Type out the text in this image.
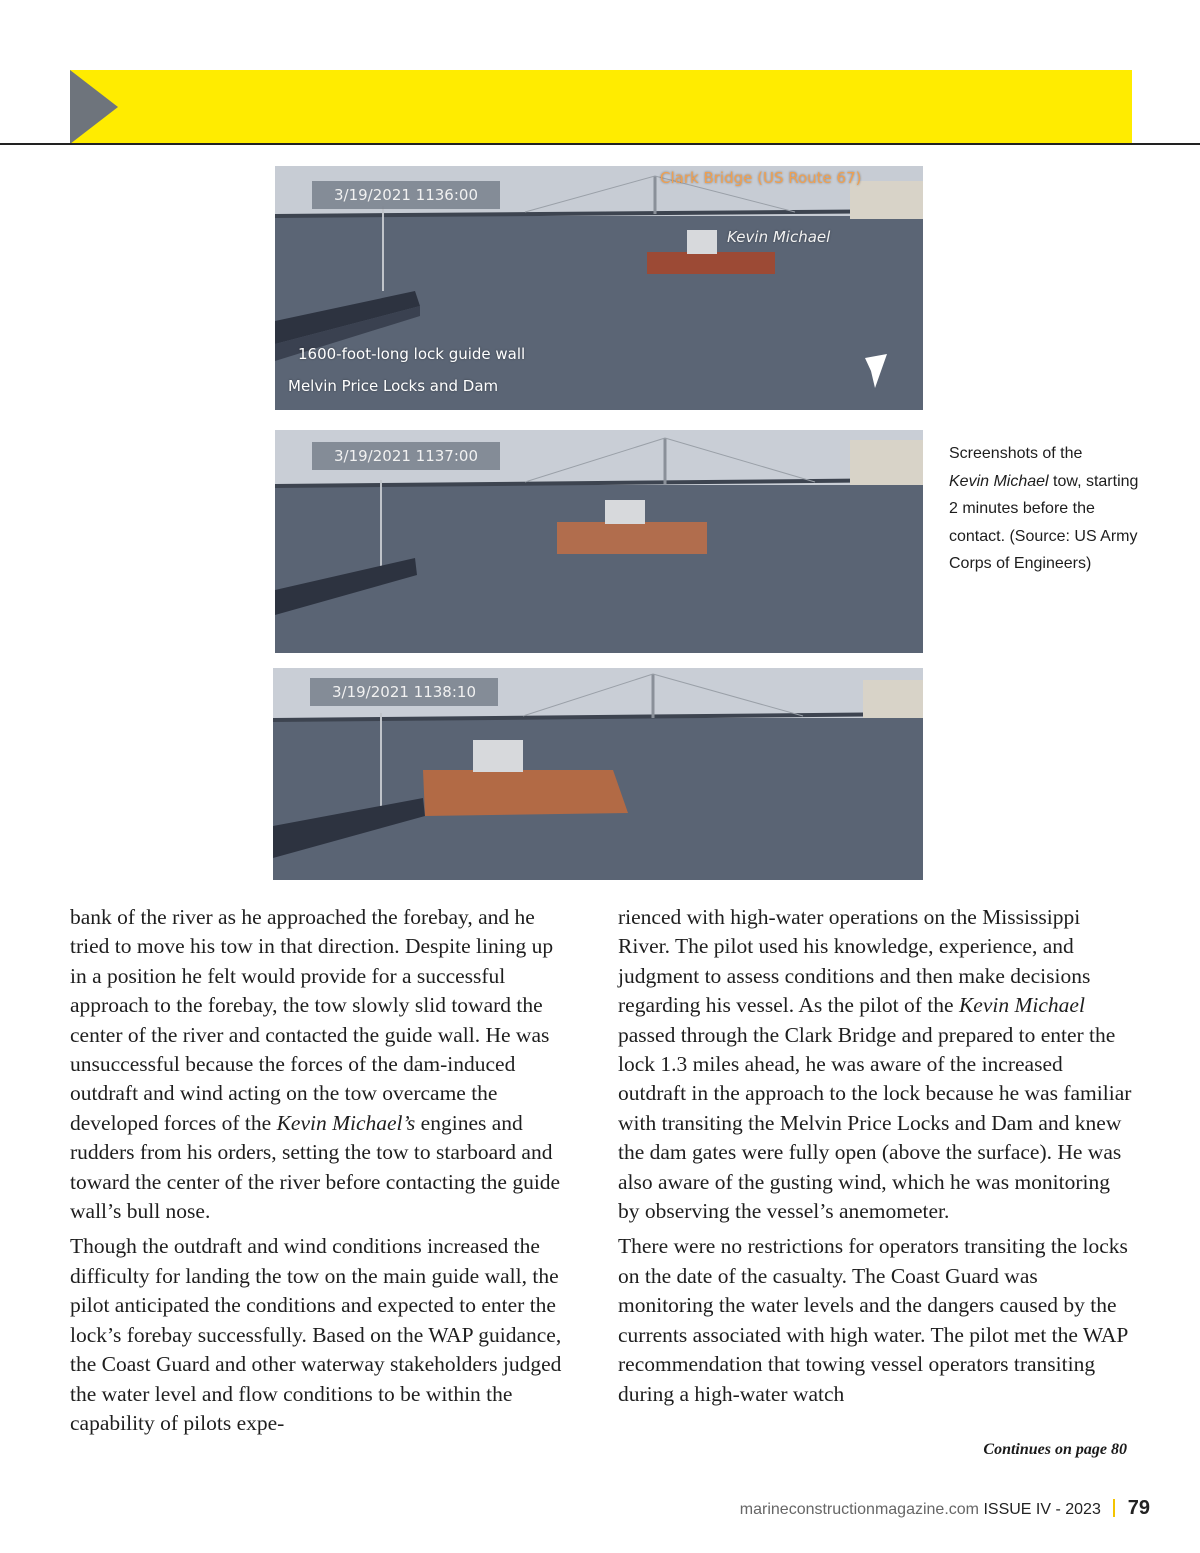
3/19/2021 1136:00
Clark Bridge (US Route 67)
Kevin Michael
1600-foot-long lock guide wall
Melvin Price Locks and Dam
3/19/2021 1137:00
3/19/2021 1138:10
Screenshots of the
Kevin Michael tow, starting 2 minutes before the contact. (Source: US Army Corps of Engineers)

bank of the river as he approached the forebay, and he tried to move his tow in that direction. Despite lining up in a position he felt would provide for a successful approach to the forebay, the tow slowly slid toward the center of the river and contacted the guide wall. He was unsuccessful because the forces of the dam-induced outdraft and wind acting on the tow overcame the developed forces of the Kevin Michael’s engines and rudders from his orders, setting the tow to starboard and toward the center of the river before contacting the guide wall’s bull nose.

Though the outdraft and wind conditions increased the difficulty for landing the tow on the main guide wall, the pilot anticipated the conditions and expected to enter the lock’s forebay successfully. Based on the WAP guidance, the Coast Guard and other waterway stakeholders judged the water level and flow conditions to be within the capability of pilots expe-

rienced with high-water operations on the Mississippi River. The pilot used his knowledge, experience, and judgment to assess conditions and then make decisions regarding his vessel. As the pilot of the Kevin Michael passed through the Clark Bridge and prepared to enter the lock 1.3 miles ahead, he was aware of the increased outdraft in the approach to the lock because he was familiar with transiting the Melvin Price Locks and Dam and knew the dam gates were fully open (above the surface). He was also aware of the gusting wind, which he was monitoring by observing the vessel’s anemometer.

There were no restrictions for operators transiting the locks on the date of the casualty. The Coast Guard was monitoring the water levels and the dangers caused by the currents associated with high water. The pilot met the WAP recommendation that towing vessel operators transiting during a high-water watch

Continues on page 80
marineconstructionmagazine.com ISSUE IV - 2023 79
